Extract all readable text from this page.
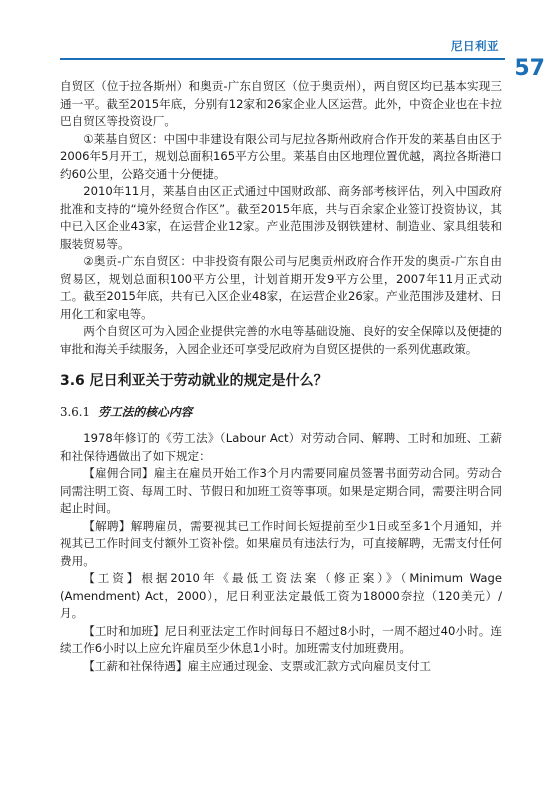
尼日利亚
57

自贸区（位于拉各斯州）和奥贡-广东自贸区（位于奥贡州），两自贸区均已基本实现三通一平。截至2015年底，分别有12家和26家企业人区运营。此外，中资企业也在卡拉巴自贸区等投资设厂。

①莱基自贸区：中国中非建设有限公司与尼拉各斯州政府合作开发的莱基自由区于2006年5月开工，规划总面积165平方公里。莱基自由区地理位置优越，离拉各斯港口约60公里，公路交通十分便捷。

2010年11月，莱基自由区正式通过中国财政部、商务部考核评估，列入中国政府批准和支持的“境外经贸合作区”。截至2015年底，共与百余家企业签订投资协议，其中已入区企业43家，在运营企业12家。产业范围涉及钢铁建材、制造业、家具组装和服装贸易等。

②奥贡-广东自贸区：中非投资有限公司与尼奥贡州政府合作开发的奥贡-广东自由贸易区，规划总面积100平方公里，计划首期开发9平方公里，2007年11月正式动工。截至2015年底，共有已入区企业48家，在运营企业26家。产业范围涉及建材、日用化工和家电等。

两个自贸区可为入园企业提供完善的水电等基础设施、良好的安全保障以及便捷的审批和海关手续服务，入园企业还可享受尼政府为自贸区提供的一系列优惠政策。

3.6 尼日利亚关于劳动就业的规定是什么？
3.6.1 劳工法的核心内容

1978年修订的《劳工法》（Labour Act）对劳动合同、解聘、工时和加班、工薪和社保待遇做出了如下规定：

【雇佣合同】雇主在雇员开始工作3个月内需要同雇员签署书面劳动合同。劳动合同需注明工资、每周工时、节假日和加班工资等事项。如果是定期合同，需要注明合同起止时间。

【解聘】解聘雇员，需要视其已工作时间长短提前至少1日或至多1个月通知，并视其已工作时间支付额外工资补偿。如果雇员有违法行为，可直接解聘，无需支付任何费用。

【工资】根据2010年《最低工资法案（修正案）》（Minimum Wage (Amendment) Act，2000），尼日利亚法定最低工资为18000奈拉（120美元）/月。

【工时和加班】尼日利亚法定工作时间每日不超过8小时，一周不超过40小时。连续工作6小时以上应允许雇员至少休息1小时。加班需支付加班费用。

【工薪和社保待遇】雇主应通过现金、支票或汇款方式向雇员支付工
